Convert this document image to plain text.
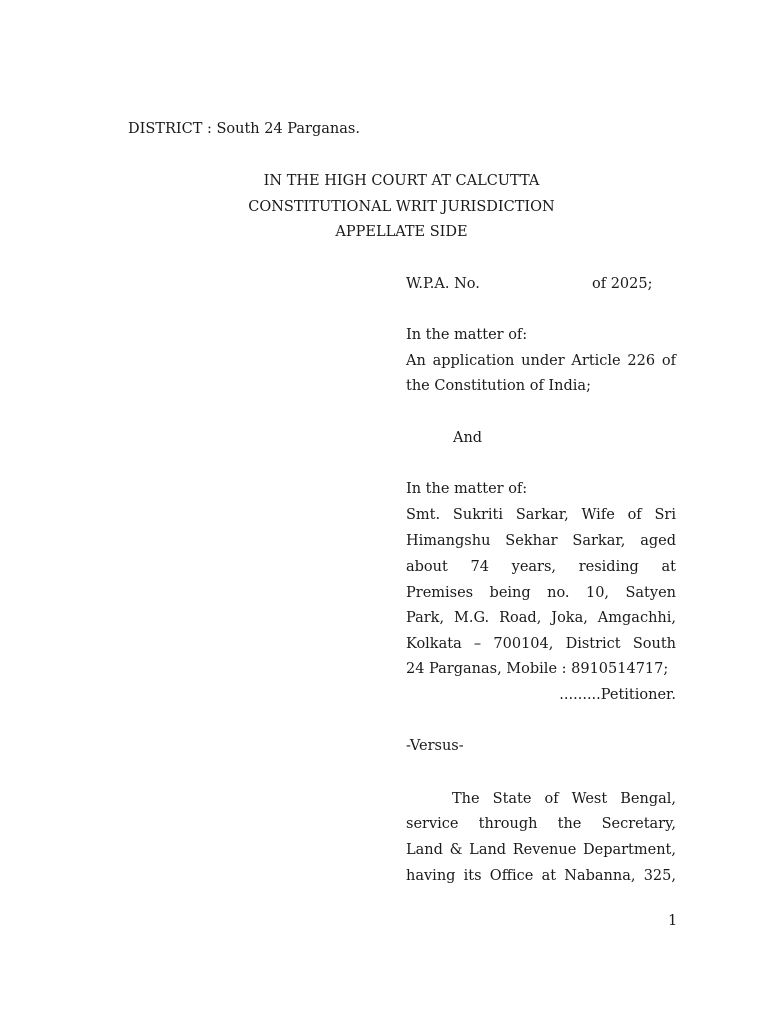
DISTRICT : South 24 Parganas.
IN THE HIGH COURT AT CALCUTTA
CONSTITUTIONAL WRIT JURISDICTION
APPELLATE SIDE
W.P.A. No.	of 2025;
In the matter of:
An application under Article 226 of
the Constitution of India;
And
In the matter of:
Smt. Sukriti Sarkar, Wife of Sri
Himangshu Sekhar Sarkar, aged
about 74 years, residing at
Premises being no. 10, Satyen
Park, M.G. Road, Joka, Amgachhi,
Kolkata – 700104, District South
24 Parganas, Mobile : 8910514717;
.........Petitioner.
-Versus-
The State of West Bengal,
service through the Secretary,
Land & Land Revenue Department,
having its Office at Nabanna, 325,
1
